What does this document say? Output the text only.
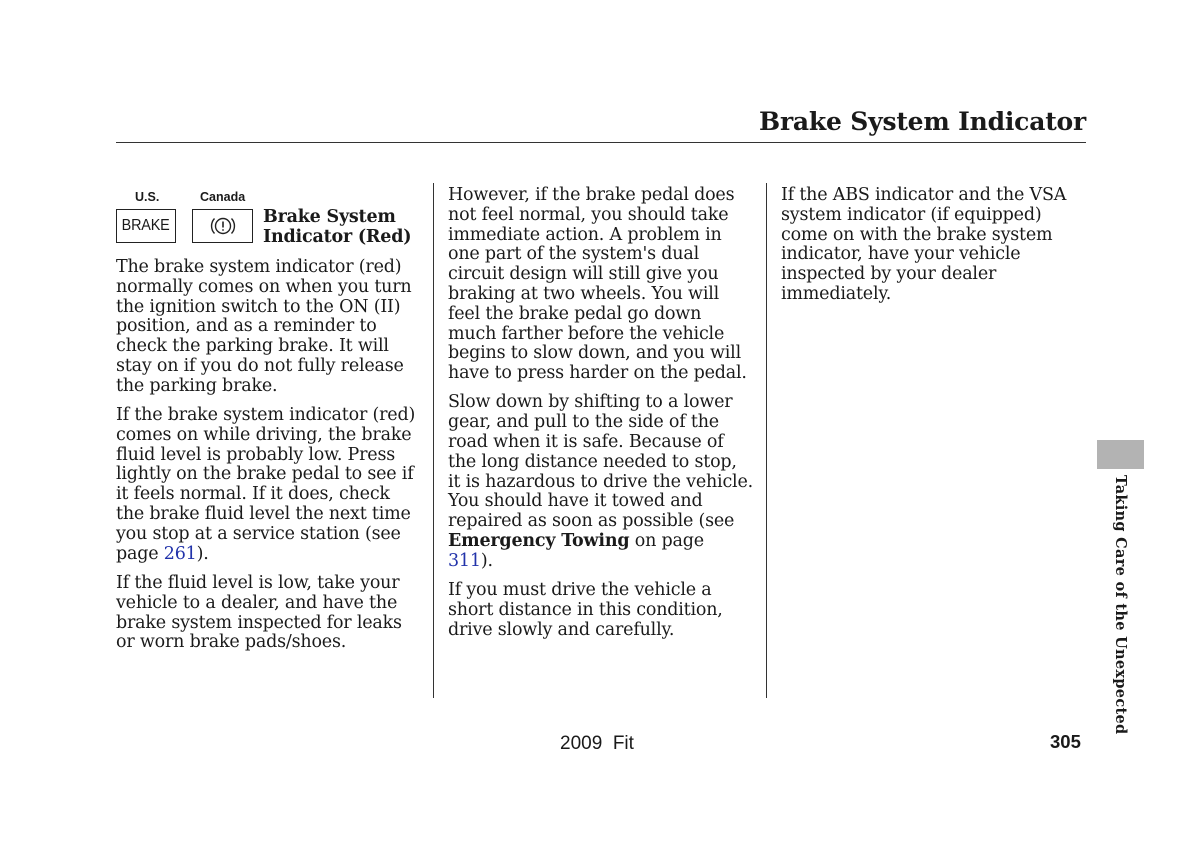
Brake System Indicator
U.S.	Canada
BRAKE	Brake System Indicator (Red)

The brake system indicator (red) normally comes on when you turn the ignition switch to the ON (II) position, and as a reminder to check the parking brake. It will stay on if you do not fully release the parking brake.

If the brake system indicator (red) comes on while driving, the brake fluid level is probably low. Press lightly on the brake pedal to see if it feels normal. If it does, check the brake fluid level the next time you stop at a service station (see page 261).

If the fluid level is low, take your vehicle to a dealer, and have the brake system inspected for leaks or worn brake pads/shoes.

However, if the brake pedal does not feel normal, you should take immediate action. A problem in one part of the system's dual circuit design will still give you braking at two wheels. You will feel the brake pedal go down much farther before the vehicle begins to slow down, and you will have to press harder on the pedal.

Slow down by shifting to a lower gear, and pull to the side of the road when it is safe. Because of the long distance needed to stop, it is hazardous to drive the vehicle. You should have it towed and repaired as soon as possible (see Emergency Towing on page 311).

If you must drive the vehicle a short distance in this condition, drive slowly and carefully.

If the ABS indicator and the VSA system indicator (if equipped) come on with the brake system indicator, have your vehicle inspected by your dealer immediately.

Taking Care of the Unexpected
2009  Fit	305
